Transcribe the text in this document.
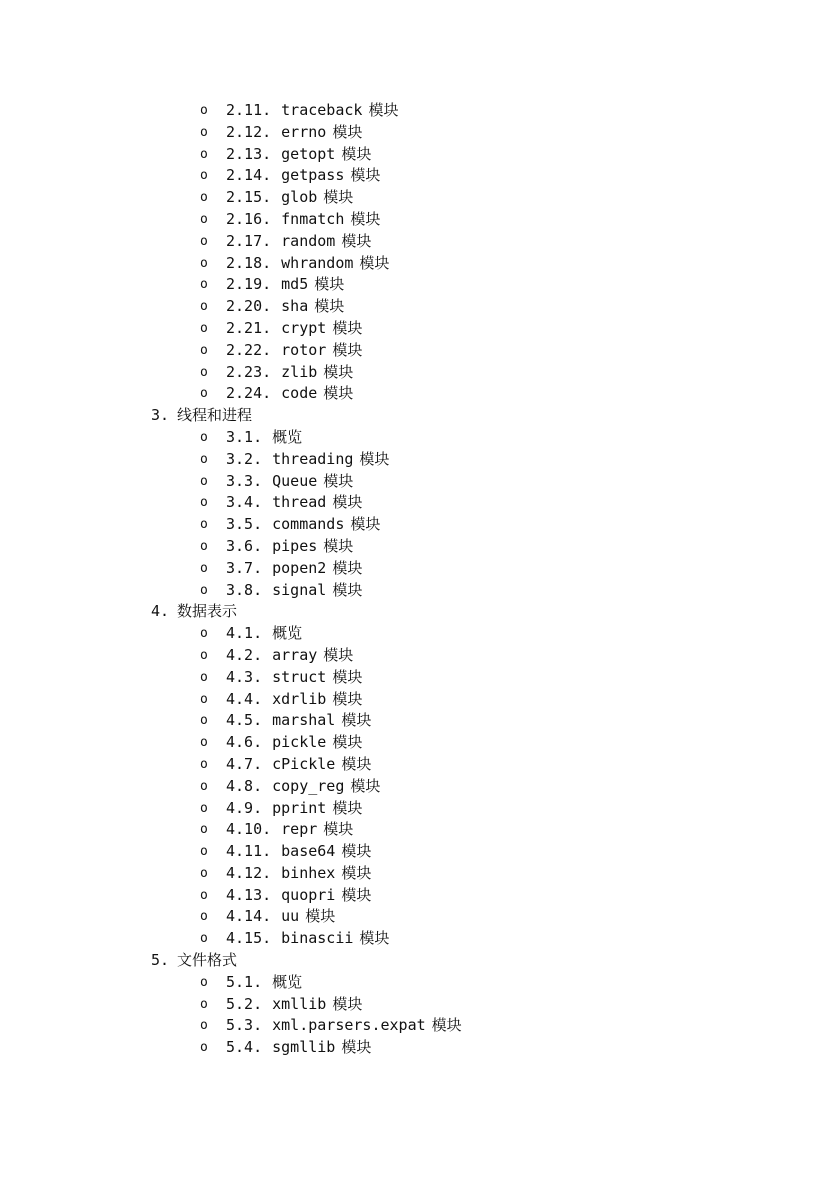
o	2.11. traceback 模块
o	2.12. errno 模块
o	2.13. getopt 模块
o	2.14. getpass 模块
o	2.15. glob 模块
o	2.16. fnmatch 模块
o	2.17. random 模块
o	2.18. whrandom 模块
o	2.19. md5 模块
o	2.20. sha 模块
o	2.21. crypt 模块
o	2.22. rotor 模块
o	2.23. zlib 模块
o	2.24. code 模块
3. 线程和进程
o	3.1. 概览
o	3.2. threading 模块
o	3.3. Queue 模块
o	3.4. thread 模块
o	3.5. commands 模块
o	3.6. pipes 模块
o	3.7. popen2 模块
o	3.8. signal 模块
4. 数据表示
o	4.1. 概览
o	4.2. array 模块
o	4.3. struct 模块
o	4.4. xdrlib 模块
o	4.5. marshal 模块
o	4.6. pickle 模块
o	4.7. cPickle 模块
o	4.8. copy_reg 模块
o	4.9. pprint 模块
o	4.10. repr 模块
o	4.11. base64 模块
o	4.12. binhex 模块
o	4.13. quopri 模块
o	4.14. uu 模块
o	4.15. binascii 模块
5. 文件格式
o	5.1. 概览
o	5.2. xmllib 模块
o	5.3. xml.parsers.expat 模块
o	5.4. sgmllib 模块
